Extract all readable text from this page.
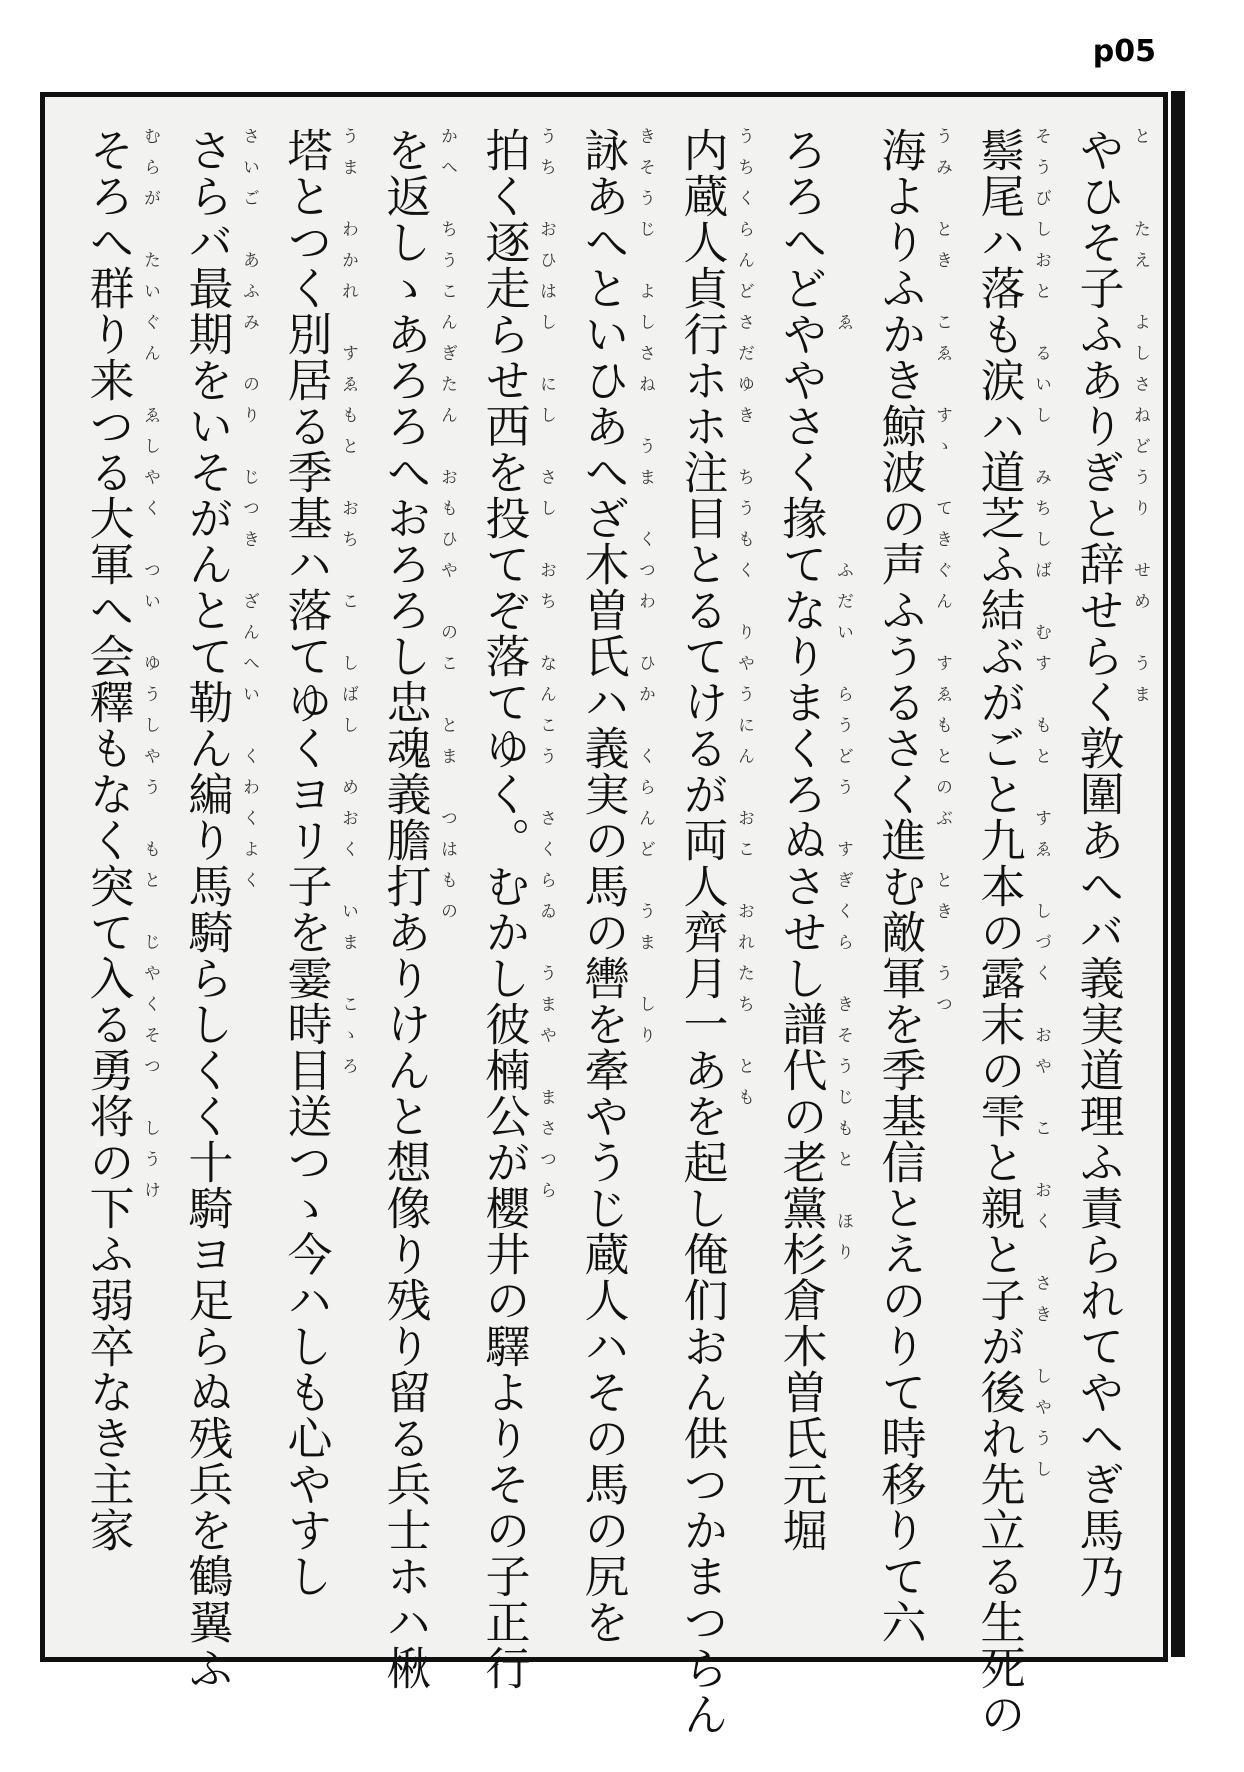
p05
やひそ子ふありぎと辞せらく敦圍あへバ義実道理ふ責られてやへぎ馬乃 と　　たえ　よしさねどうり　せめ　うま
鬃尾ハ落も涙ハ道芝ふ結ぶがごと九本の露末の雫と親と子が後れ先立る生死の そうびしおと　るいし　みちしば　むす　もと　すゑ　しづく　おや　こ　おく　さき　しやうし
海よりふかき鯨波の声ふうるさく進む敵軍を季基信とえのりて時移りて六 うみ　とき　こゑ　すゝ　てきぐん　すゑもとのぶ　とき　うつ
ろろへどややさく掾てなりまくろぬさせし譜代の老黨杉倉木曽氏元堀 　　　　　　ゑ　　　　　　　ふだい　らうどう　すぎくら　きそうじもと　ほり
内蔵人貞行ホホ注目とるてけるが両人齊月一あを起し俺们おん供つかまつらん うちくらんどさだゆき　ちうもく　りやうにん　おこ　おれたち　とも
詠あへといひあへざ木曽氏ハ義実の馬の轡を牽やうじ蔵人ハその馬の尻を きそうじ　よしさね　うま　くつわ　ひか　くらんど　うま　しり
拍く逐走らせ西を投てぞ落てゆく。むかし彼楠公が櫻井の驛よりその子正行 うち　おひはし　にし　さし　おち　なんこう　さくらゐ　うまや　まさつら
を返しゝあろろへおろろし忠魂義膽打ありけんと想像り残り留る兵士ホハ楸 かへ　ちうこんぎたん　おもひや　のこ　とま　つはもの
塔とつく別居る季基ハ落てゆくヨリ子を霎時目送つゝ今ハしも心やすし うま　わかれ　すゑもと　おち　こ　しばし　めおく　いま　こゝろ
さらバ最期をいそがんとて勒ん編り馬騎らしくく十騎ヨ足らぬ残兵を鶴翼ふ さいご　あふみ　のり　じつき　ざんへい　くわくよく
そろへ群り来つる大軍へ会釋もなく突て入る勇将の下ふ弱卒なき主家 むらが　たいぐん　ゑしやく　つい　ゆうしやう　もと　じやくそつ　しうけ
